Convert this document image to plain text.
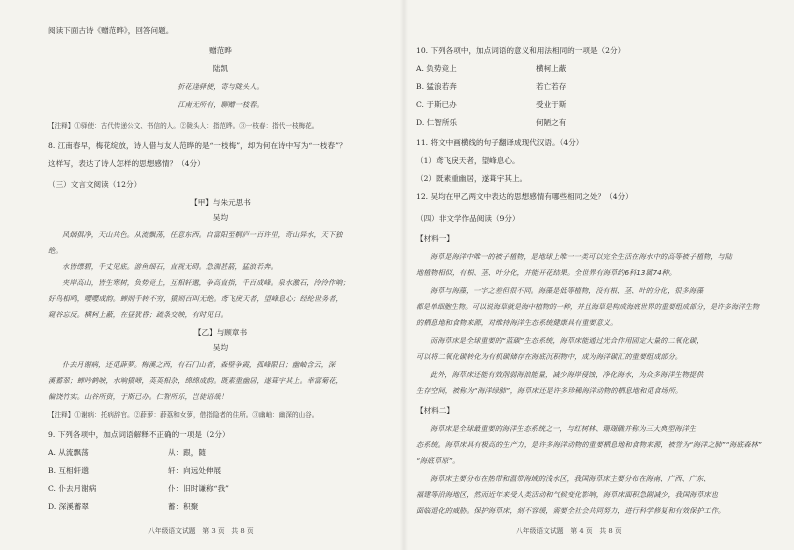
阅读下面古诗《赠范晔》，回答问题。
赠范晔
陆凯
折花逢驿使，寄与陇头人。
江南无所有，聊赠一枝春。
【注释】①驿使：古代传递公文、书信的人。②陇头人：指范晔。③一枝春：指代一枝梅花。
8. 江南春早，梅花绽放，诗人借与友人范晔的是“一枝梅”，却为何在诗中写为“一枝春”？
这样写，表达了诗人怎样的思想感情？（4分）
（三）文言文阅读（12分）
【甲】与朱元思书
吴均
风烟俱净，天山共色。从流飘荡，任意东西。自富阳至桐庐一百许里，奇山异水，天下独
绝。
水皆缥碧，千丈见底。游鱼细石，直视无碍。急湍甚箭，猛浪若奔。
夹岸高山，皆生寒树，负势竞上，互相轩邈，争高直指，千百成峰。泉水激石，泠泠作响；
好鸟相鸣，嘤嘤成韵。蝉则千转不穷，猿则百叫无绝。鸢飞戾天者，望峰息心；经纶世务者，
窥谷忘反。横柯上蔽，在昼犹昏；疏条交映，有时见日。
【乙】与顾章书
吴均
仆去月谢病，还觅薜萝。梅溪之西，有石门山者，森壁争霞，孤峰限日；幽岫含云，深
溪蓄翠；蝉吟鹤唳，水响猿啼，英英相杂，绵绵成韵。既素重幽居，遂葺宇其上。幸富菊花，
偏饶竹实。山谷所资，于斯已办。仁智所乐，岂徒语哉！
【注释】①谢病：托病辞官。②薜萝：薜荔和女萝，借指隐者的住所。③幽岫：幽深的山谷。
9. 下列各项中，加点词语解释不正确的一项是（2分）
A. 从流飘荡	从：跟，随
B. 互相轩邈	轩：向远处伸展
C. 仆去月谢病	仆：旧时谦称“我”
D. 深溪蓄翠	蓄：积聚
八年级语文试题　第 3 页　共 8 页
10. 下列各项中，加点词语的意义和用法相同的一项是（2分）
A. 负势竞上	横柯上蔽
B. 猛浪若奔	若亡若存
C. 于斯已办	受业于斯
D. 仁智所乐	何陋之有
11. 将文中画横线的句子翻译成现代汉语。（4分）
（1）鸢飞戾天者，望峰息心。
（2）既素重幽居，遂葺宇其上。
12. 吴均在甲乙两文中表达的思想感情有哪些相同之处？（4分）
（四）非文学作品阅读（9分）
【材料一】
海草是海洋中唯一的被子植物，是地球上唯一一类可以完全生活在海水中的高等被子植物，与陆
地植物相似，有根、茎、叶分化，并能开花结果。全世界有海草约6科13属74种。
海草与海藻，一字之差但很不同。海藻是低等植物，没有根、茎、叶的分化，很多海藻
都是单细胞生物。可以说海草就是海中植物的一种，并且海草是构成海底世界的重要组成部分，是许多海洋生物
的栖息地和食物来源，对维持海洋生态系统健康具有重要意义。
而海草床是全球重要的“蓝碳”生态系统，海草床能通过光合作用固定大量的二氧化碳，
可以将二氧化碳转化为有机碳储存在海底沉积物中，成为海洋碳汇的重要组成部分。
此外，海草床还能有效削弱海浪能量，减少海岸侵蚀，净化海水，为众多海洋生物提供
生存空间，被称为“海洋绿肺”，海草床还是许多珍稀海洋动物的栖息地和觅食场所。
【材料二】
海草床是全球最重要的海洋生态系统之一，与红树林、珊瑚礁并称为三大典型海洋生
态系统。海草床具有极高的生产力，是许多海洋动物的重要栖息地和食物来源，被誉为“海洋之肺”“海底森林”
“海底草原”。
海草床主要分布在热带和温带海域的浅水区，我国海草床主要分布在海南、广西、广东、
福建等沿海地区，然而近年来受人类活动和气候变化影响，海草床面积急剧减少，我国海草床也
面临退化的威胁。保护海草床，刻不容缓，需要全社会共同努力，进行科学修复和有效保护工作。
八年级语文试题　第 4 页　共 8 页
